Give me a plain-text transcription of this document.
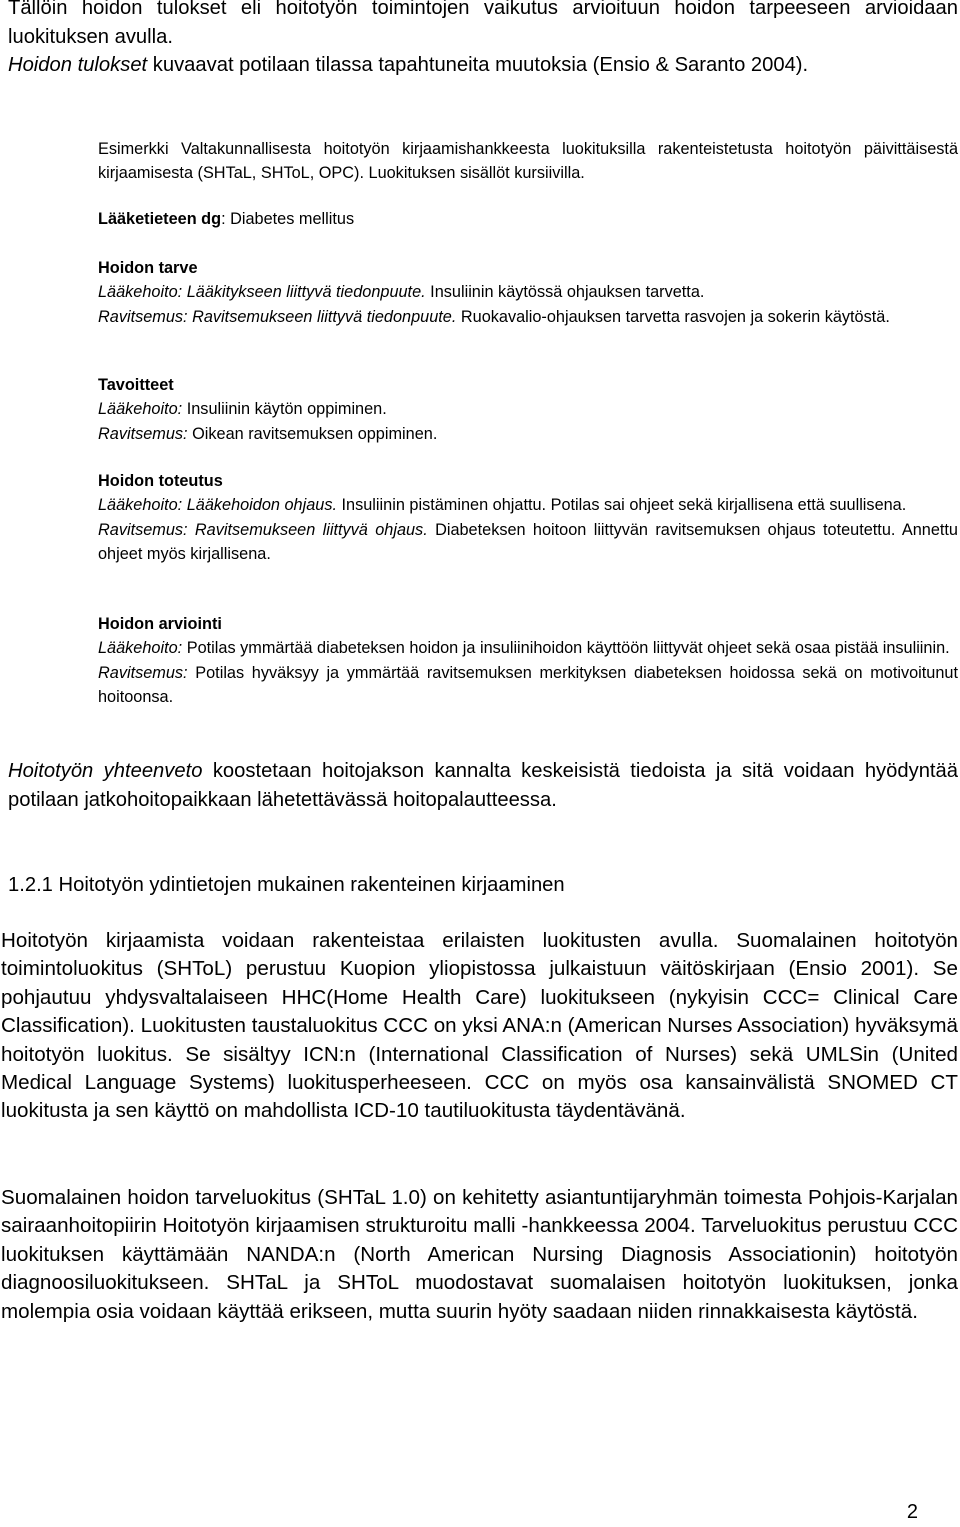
Tällöin hoidon tulokset eli hoitotyön toimintojen vaikutus arvioituun hoidon tarpeeseen arvioidaan luokituksen avulla.
Hoidon tulokset kuvaavat potilaan tilassa tapahtuneita muutoksia (Ensio & Saranto 2004).

Esimerkki Valtakunnallisesta hoitotyön kirjaamishankkeesta luokituksilla rakenteistetusta hoitotyön päivittäisestä kirjaamisesta (SHTaL, SHToL, OPC). Luokituksen sisällöt kursiivilla.

Lääketieteen dg: Diabetes mellitus

Hoidon tarve

Lääkehoito: Lääkitykseen liittyvä tiedonpuute. Insuliinin käytössä ohjauksen tarvetta.

Ravitsemus: Ravitsemukseen liittyvä tiedonpuute. Ruokavalio-ohjauksen tarvetta rasvojen ja sokerin käytöstä.

Tavoitteet

Lääkehoito: Insuliinin käytön oppiminen.

Ravitsemus: Oikean ravitsemuksen oppiminen.

Hoidon toteutus

Lääkehoito: Lääkehoidon ohjaus. Insuliinin pistäminen ohjattu. Potilas sai ohjeet sekä kirjallisena että suullisena.

Ravitsemus: Ravitsemukseen liittyvä ohjaus. Diabeteksen hoitoon liittyvän ravitsemuksen ohjaus toteutettu. Annettu ohjeet myös kirjallisena.

Hoidon arviointi

Lääkehoito: Potilas ymmärtää diabeteksen hoidon ja insuliinihoidon käyttöön liittyvät ohjeet sekä osaa pistää insuliinin.

Ravitsemus: Potilas hyväksyy ja ymmärtää ravitsemuksen merkityksen diabeteksen hoidossa sekä on motivoitunut hoitoonsa.

Hoitotyön yhteenveto koostetaan hoitojakson kannalta keskeisistä tiedoista ja sitä voidaan hyödyntää potilaan jatkohoitopaikkaan lähetettävässä hoitopalautteessa.
1.2.1 Hoitotyön ydintietojen mukainen rakenteinen kirjaaminen
Hoitotyön kirjaamista voidaan rakenteistaa erilaisten luokitusten avulla. Suomalainen hoitotyön toimintoluokitus (SHToL) perustuu Kuopion yliopistossa julkaistuun väitöskirjaan (Ensio 2001). Se pohjautuu yhdysvaltalaiseen HHC(Home Health Care) luokitukseen (nykyisin CCC= Clinical Care Classification). Luokitusten taustaluokitus CCC on yksi ANA:n (American Nurses Association) hyväksymä hoitotyön luokitus. Se sisältyy ICN:n (International Classification of Nurses) sekä UMLSin (United Medical Language Systems) luokitusperheeseen. CCC on myös osa kansainvälistä SNOMED CT luokitusta ja sen käyttö on mahdollista ICD-10 tautiluokitusta täydentävänä.
Suomalainen hoidon tarveluokitus (SHTaL 1.0) on kehitetty asiantuntijaryhmän toimesta Pohjois-Karjalan sairaanhoitopiirin Hoitotyön kirjaamisen strukturoitu malli -hankkeessa 2004. Tarveluokitus perustuu CCC luokituksen käyttämään NANDA:n (North American Nursing Diagnosis Associationin) hoitotyön diagnoosiluokitukseen. SHTaL ja SHToL muodostavat suomalaisen hoitotyön luokituksen, jonka molempia osia voidaan käyttää erikseen, mutta suurin hyöty saadaan niiden rinnakkaisesta käytöstä.
2
